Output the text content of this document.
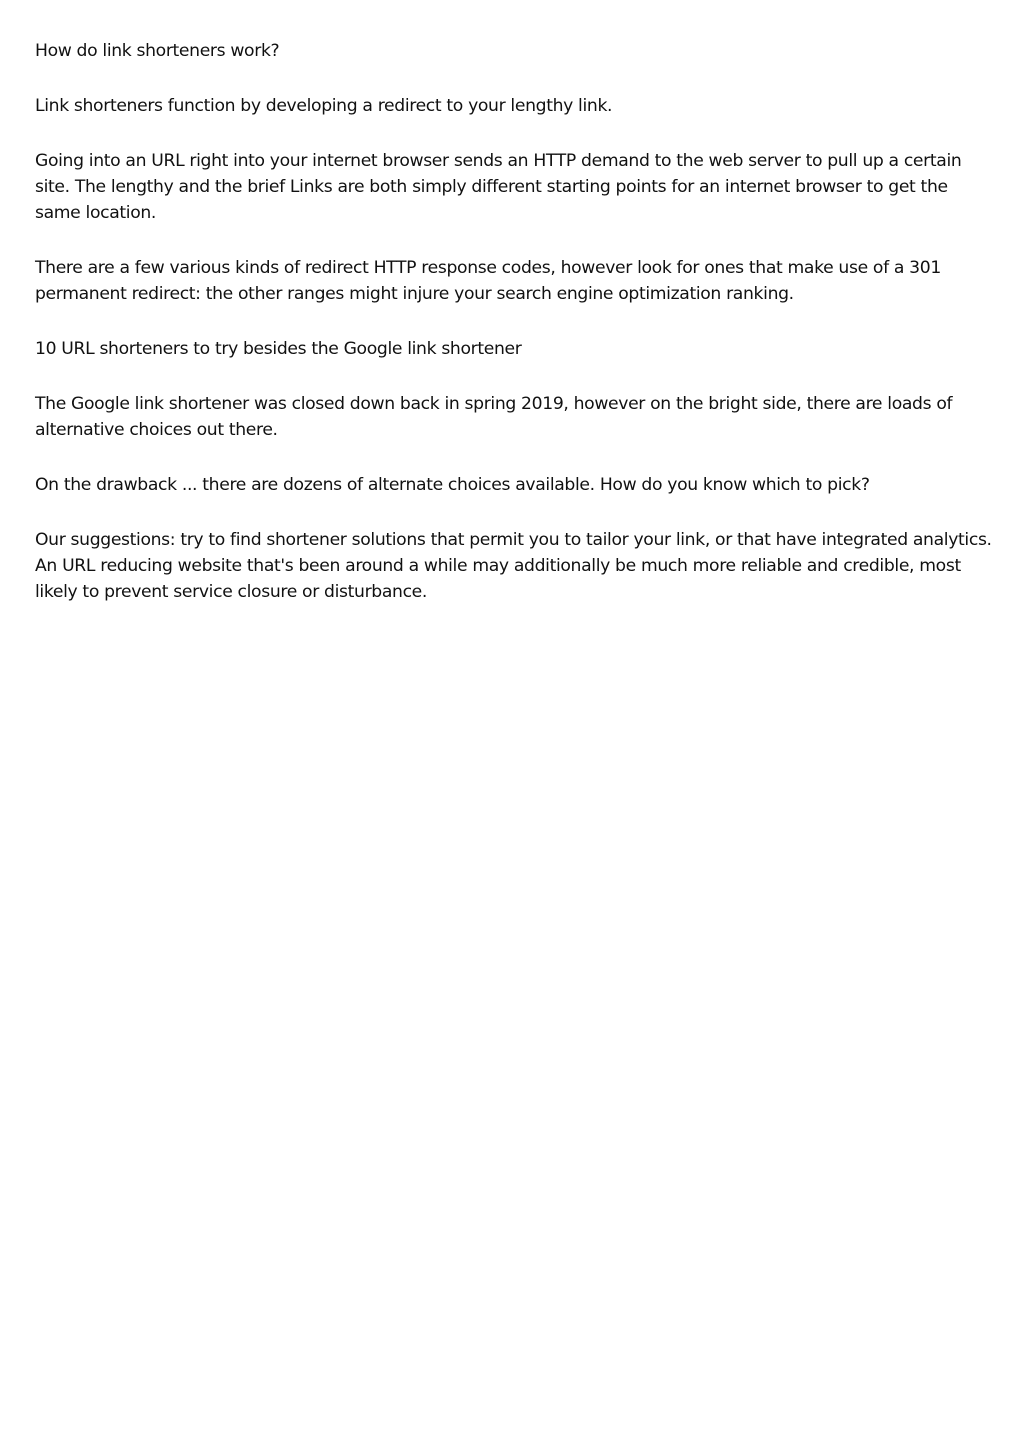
How do link shorteners work?

Link shorteners function by developing a redirect to your lengthy link.

Going into an URL right into your internet browser sends an HTTP demand to the web server to pull up a certain site. The lengthy and the brief Links are both simply different starting points for an internet browser to get the same location.

There are a few various kinds of redirect HTTP response codes, however look for ones that make use of a 301 permanent redirect: the other ranges might injure your search engine optimization ranking.

10 URL shorteners to try besides the Google link shortener

The Google link shortener was closed down back in spring 2019, however on the bright side, there are loads of alternative choices out there.

On the drawback ... there are dozens of alternate choices available. How do you know which to pick?

Our suggestions: try to find shortener solutions that permit you to tailor your link, or that have integrated analytics. An URL reducing website that's been around a while may additionally be much more reliable and credible, most likely to prevent service closure or disturbance.
